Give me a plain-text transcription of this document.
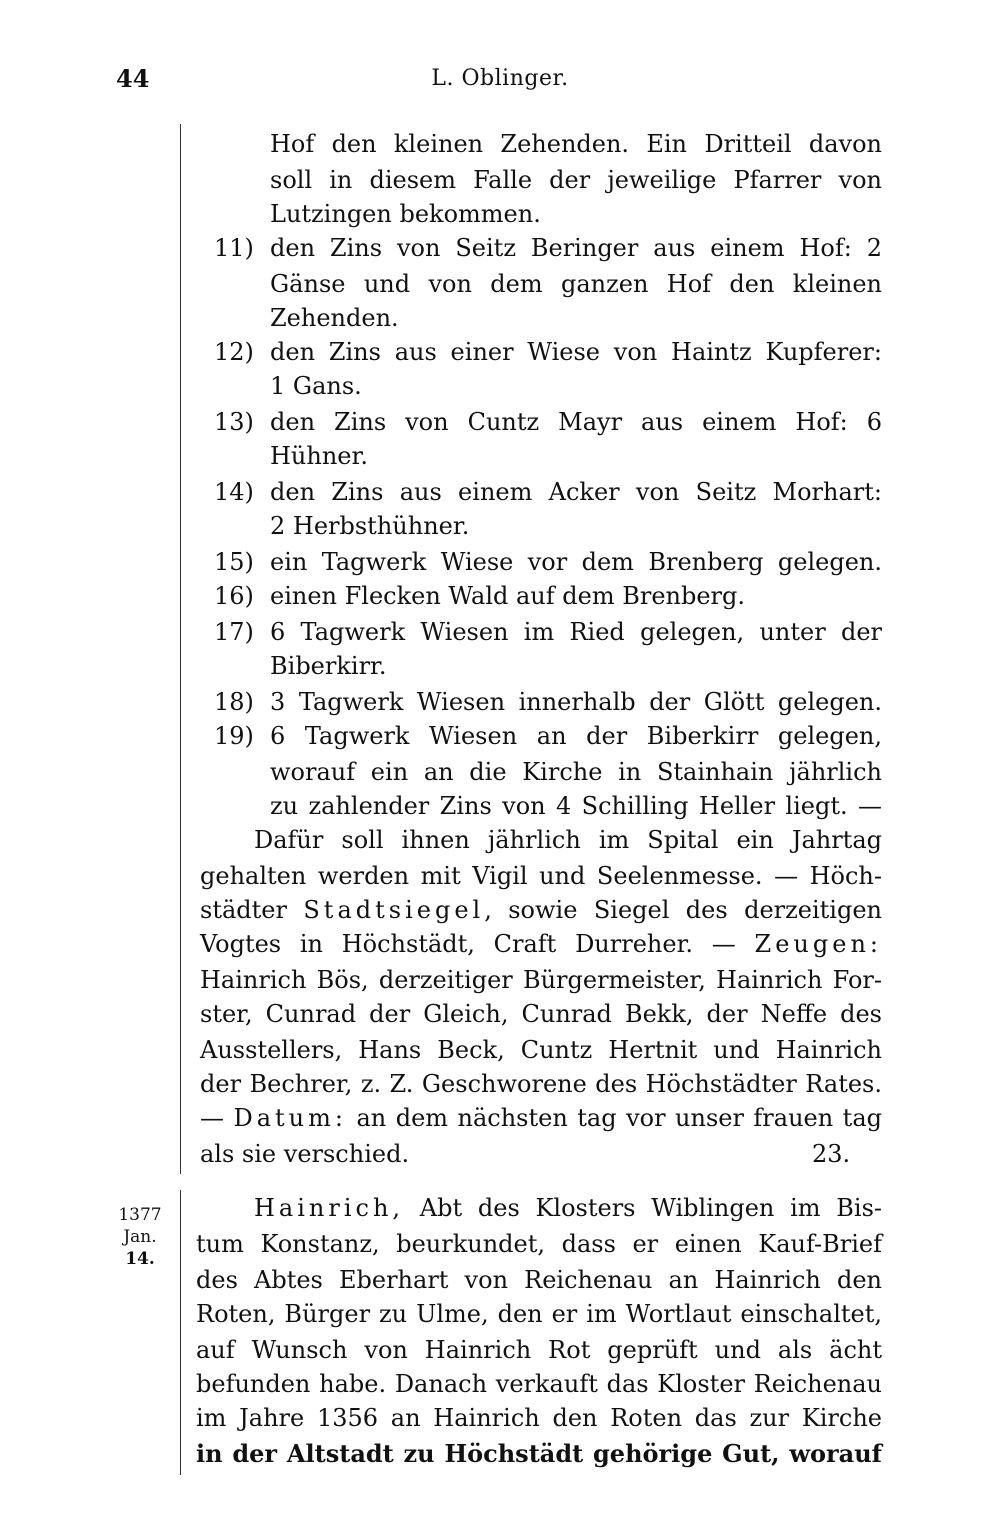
44	L. Oblinger.
Hof den kleinen Zehenden. Ein Dritteil davon
soll in diesem Falle der jeweilige Pfarrer von
Lutzingen bekommen.
11) den Zins von Seitz Beringer aus einem Hof: 2
Gänse und von dem ganzen Hof den kleinen
Zehenden.
12) den Zins aus einer Wiese von Haintz Kupferer:
1 Gans.
13) den Zins von Cuntz Mayr aus einem Hof: 6
Hühner.
14) den Zins aus einem Acker von Seitz Morhart:
2 Herbsthühner.
15) ein Tagwerk Wiese vor dem Brenberg gelegen.
16) einen Flecken Wald auf dem Brenberg.
17) 6 Tagwerk Wiesen im Ried gelegen, unter der
Biberkirr.
18) 3 Tagwerk Wiesen innerhalb der Glött gelegen.
19) 6 Tagwerk Wiesen an der Biberkirr gelegen,
worauf ein an die Kirche in Stainhain jährlich
zu zahlender Zins von 4 Schilling Heller liegt. —
Dafür soll ihnen jährlich im Spital ein Jahrtag
gehalten werden mit Vigil und Seelenmesse. — Höch-
städter Stadtsiegel, sowie Siegel des derzeitigen
Vogtes in Höchstädt, Craft Durreher. — Zeugen:
Hainrich Bös, derzeitiger Bürgermeister, Hainrich For-
ster, Cunrad der Gleich, Cunrad Bekk, der Neffe des
Ausstellers, Hans Beck, Cuntz Hertnit und Hainrich
der Bechrer, z. Z. Geschworene des Höchstädter Rates.
— Datum: an dem nächsten tag vor unser frauen tag
als sie verschied.	23.
1377
Jan.
14.
Hainrich, Abt des Klosters Wiblingen im Bis-
tum Konstanz, beurkundet, dass er einen Kauf-Brief
des Abtes Eberhart von Reichenau an Hainrich den
Roten, Bürger zu Ulme, den er im Wortlaut einschaltet,
auf Wunsch von Hainrich Rot geprüft und als ächt
befunden habe. Danach verkauft das Kloster Reichenau
im Jahre 1356 an Hainrich den Roten das zur Kirche
in der Altstadt zu Höchstädt gehörige Gut, worauf
